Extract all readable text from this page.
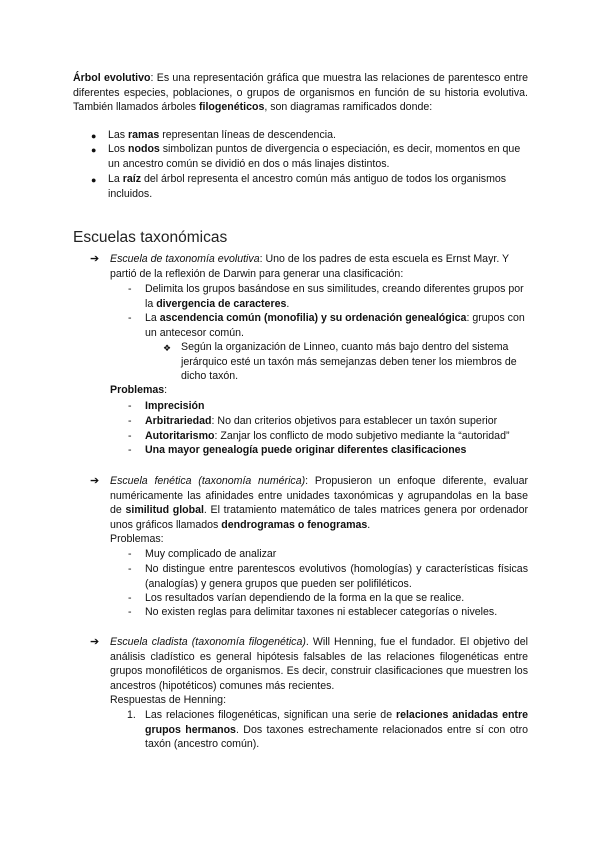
Árbol evolutivo: Es una representación gráfica que muestra las relaciones de parentesco entre diferentes especies, poblaciones, o grupos de organismos en función de su historia evolutiva. También llamados árboles filogenéticos, son diagramas ramificados donde:

● Las ramas representan líneas de descendencia.

● Los nodos simbolizan puntos de divergencia o especiación, es decir, momentos en que un ancestro común se dividió en dos o más linajes distintos.

● La raíz del árbol representa el ancestro común más antiguo de todos los organismos incluidos.

Escuelas taxonómicas
➔ Escuela de taxonomía evolutiva: Uno de los padres de esta escuela es Ernst Mayr. Y partió de la reflexión de Darwin para generar una clasificación:

- Delimita los grupos basándose en sus similitudes, creando diferentes grupos por la divergencia de caracteres.

- La ascendencia común (monofilia) y su ordenación genealógica: grupos con un antecesor común.

❖ Según la organización de Linneo, cuanto más bajo dentro del sistema jerárquico esté un taxón más semejanzas deben tener los miembros de dicho taxón.

Problemas:

- Imprecisión

- Arbitrariedad: No dan criterios objetivos para establecer un taxón superior

- Autoritarismo: Zanjar los conflicto de modo subjetivo mediante la “autoridad”

- Una mayor genealogía puede originar diferentes clasificaciones

➔ Escuela fenética (taxonomía numérica): Propusieron un enfoque diferente, evaluar numéricamente las afinidades entre unidades taxonómicas y agrupandolas en la base de similitud global. El tratamiento matemático de tales matrices genera por ordenador unos gráficos llamados dendrogramas o fenogramas.

Problemas:

- Muy complicado de analizar

- No distingue entre parentescos evolutivos (homologías) y características físicas (analogías) y genera grupos que pueden ser polifiléticos.

- Los resultados varían dependiendo de la forma en la que se realice.

- No existen reglas para delimitar taxones ni establecer categorías o niveles.

➔ Escuela cladista (taxonomía filogenética). Will Henning, fue el fundador. El objetivo del análisis cladístico es general hipótesis falsables de las relaciones filogenéticas entre grupos monofiléticos de organismos. Es decir, construir clasificaciones que muestren los ancestros (hipotéticos) comunes más recientes.

Respuestas de Henning:

1. Las relaciones filogenéticas, significan una serie de relaciones anidadas entre grupos hermanos. Dos taxones estrechamente relacionados entre sí con otro taxón (ancestro común).
